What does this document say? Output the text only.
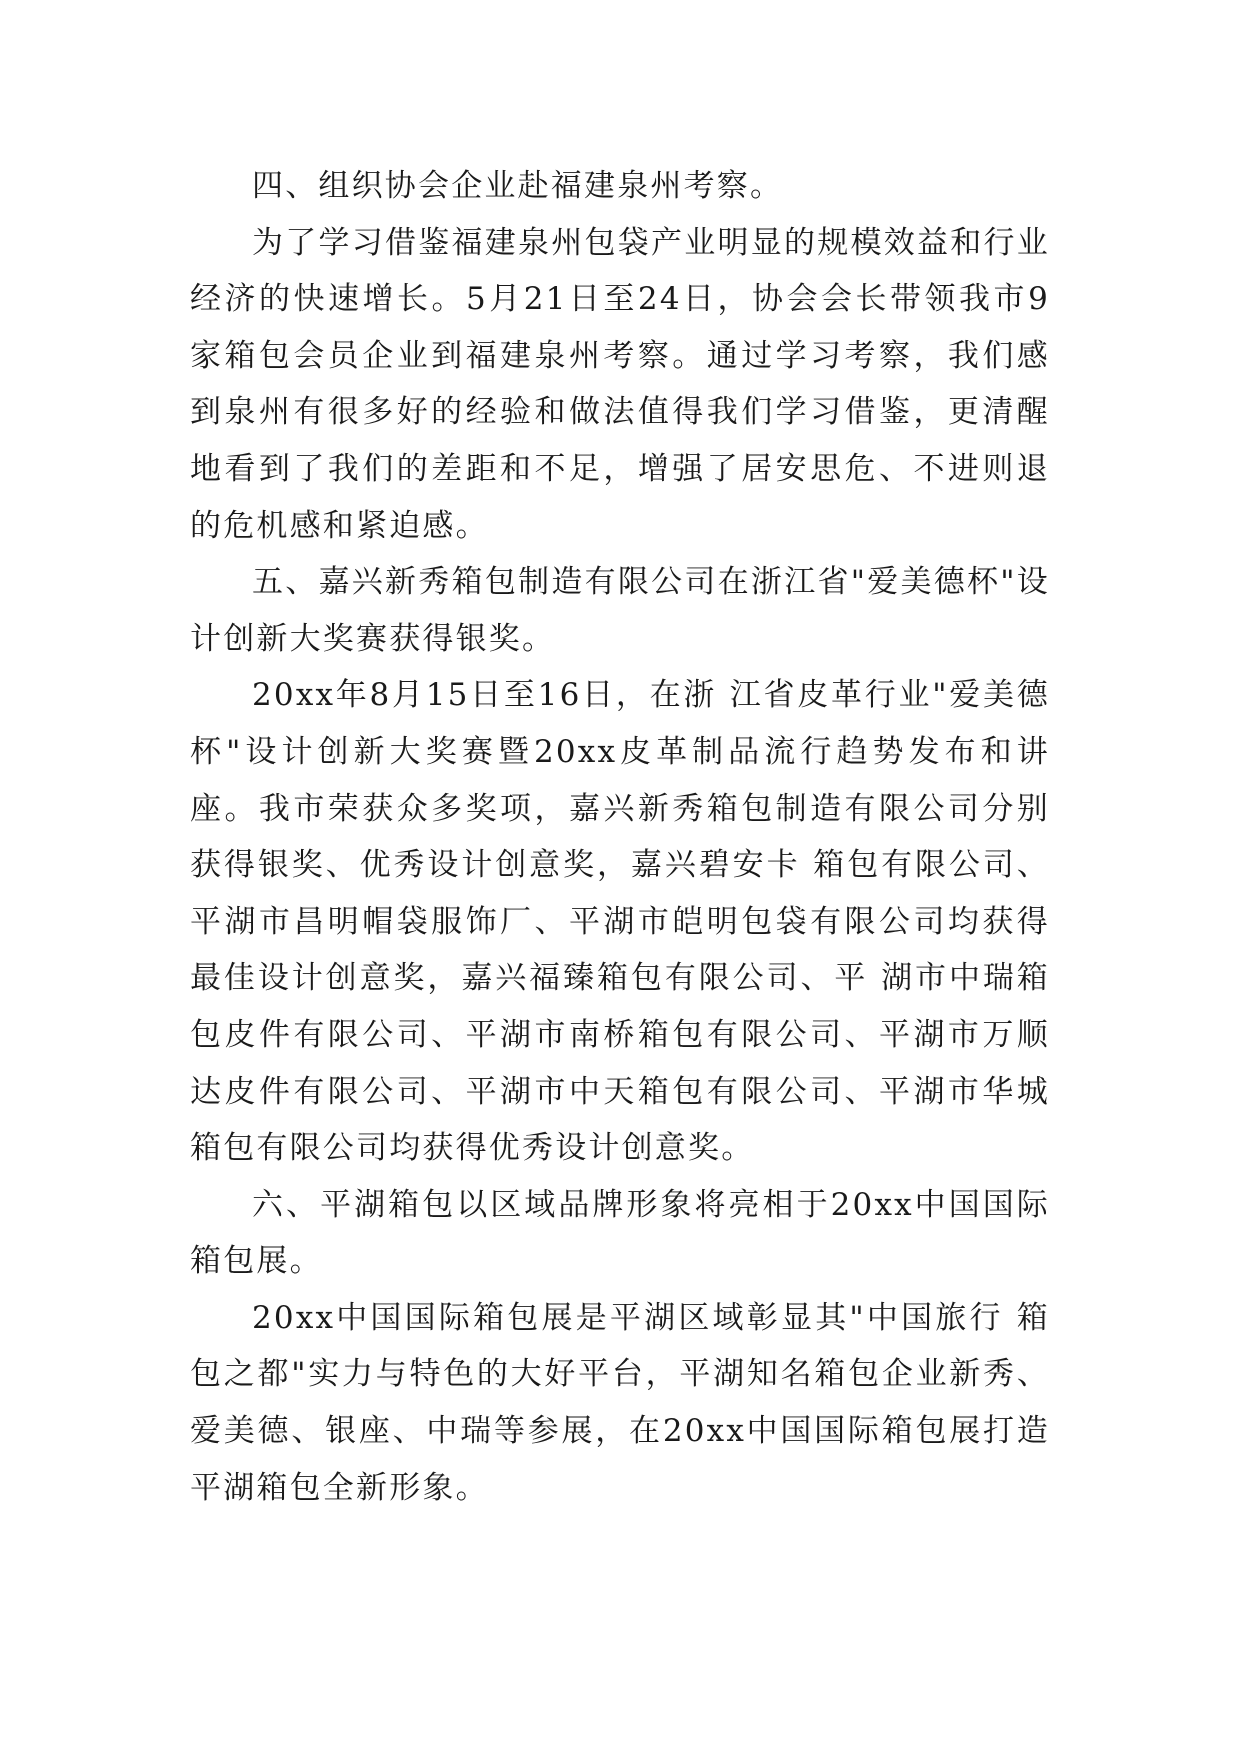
四、组织协会企业赴福建泉州考察。

为了学习借鉴福建泉州包袋产业明显的规模效益和行业经济的快速增长。5月21日至24日，协会会长带领我市9家箱包会员企业到福建泉州考察。通过学习考察，我们感到泉州有很多好的经验和做法值得我们学习借鉴，更清醒地看到了我们的差距和不足，增强了居安思危、不进则退的危机感和紧迫感。

五、嘉兴新秀箱包制造有限公司在浙江省"爱美德杯"设计创新大奖赛获得银奖。

20xx年8月15日至16日，在浙 江省皮革行业"爱美德杯"设计创新大奖赛暨20xx皮革制品流行趋势发布和讲座。我市荣获众多奖项，嘉兴新秀箱包制造有限公司分别获得银奖、优秀设计创意奖，嘉兴碧安卡 箱包有限公司、平湖市昌明帽袋服饰厂、平湖市皑明包袋有限公司均获得最佳设计创意奖，嘉兴福臻箱包有限公司、平 湖市中瑞箱包皮件有限公司、平湖市南桥箱包有限公司、平湖市万顺达皮件有限公司、平湖市中天箱包有限公司、平湖市华城箱包有限公司均获得优秀设计创意奖。

六、平湖箱包以区域品牌形象将亮相于20xx中国国际箱包展。

20xx中国国际箱包展是平湖区域彰显其"中国旅行 箱包之都"实力与特色的大好平台，平湖知名箱包企业新秀、爱美德、银座、中瑞等参展，在20xx中国国际箱包展打造平湖箱包全新形象。
